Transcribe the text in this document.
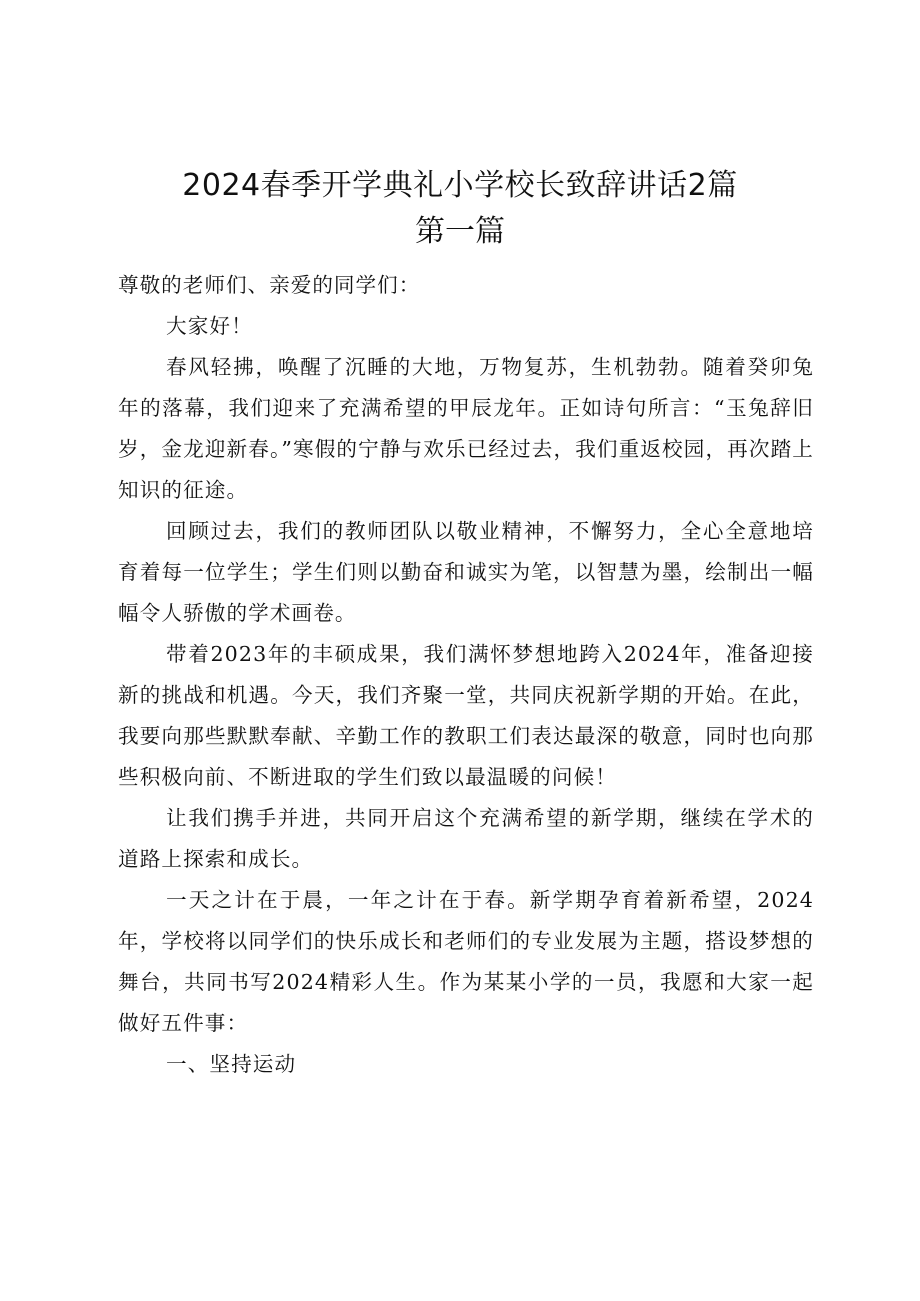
2024春季开学典礼小学校长致辞讲话2篇
第一篇

尊敬的老师们、亲爱的同学们：

大家好！

春风轻拂，唤醒了沉睡的大地，万物复苏，生机勃勃。随着癸卯兔年的落幕，我们迎来了充满希望的甲辰龙年。正如诗句所言：“玉兔辞旧岁，金龙迎新春。”寒假的宁静与欢乐已经过去，我们重返校园，再次踏上知识的征途。

回顾过去，我们的教师团队以敬业精神，不懈努力，全心全意地培育着每一位学生；学生们则以勤奋和诚实为笔，以智慧为墨，绘制出一幅幅令人骄傲的学术画卷。

带着2023年的丰硕成果，我们满怀梦想地跨入2024年，准备迎接新的挑战和机遇。今天，我们齐聚一堂，共同庆祝新学期的开始。在此，我要向那些默默奉献、辛勤工作的教职工们表达最深的敬意，同时也向那些积极向前、不断进取的学生们致以最温暖的问候！

让我们携手并进，共同开启这个充满希望的新学期，继续在学术的道路上探索和成长。

一天之计在于晨，一年之计在于春。新学期孕育着新希望，2024年，学校将以同学们的快乐成长和老师们的专业发展为主题，搭设梦想的舞台，共同书写2024精彩人生。作为某某小学的一员，我愿和大家一起做好五件事：

一、坚持运动
